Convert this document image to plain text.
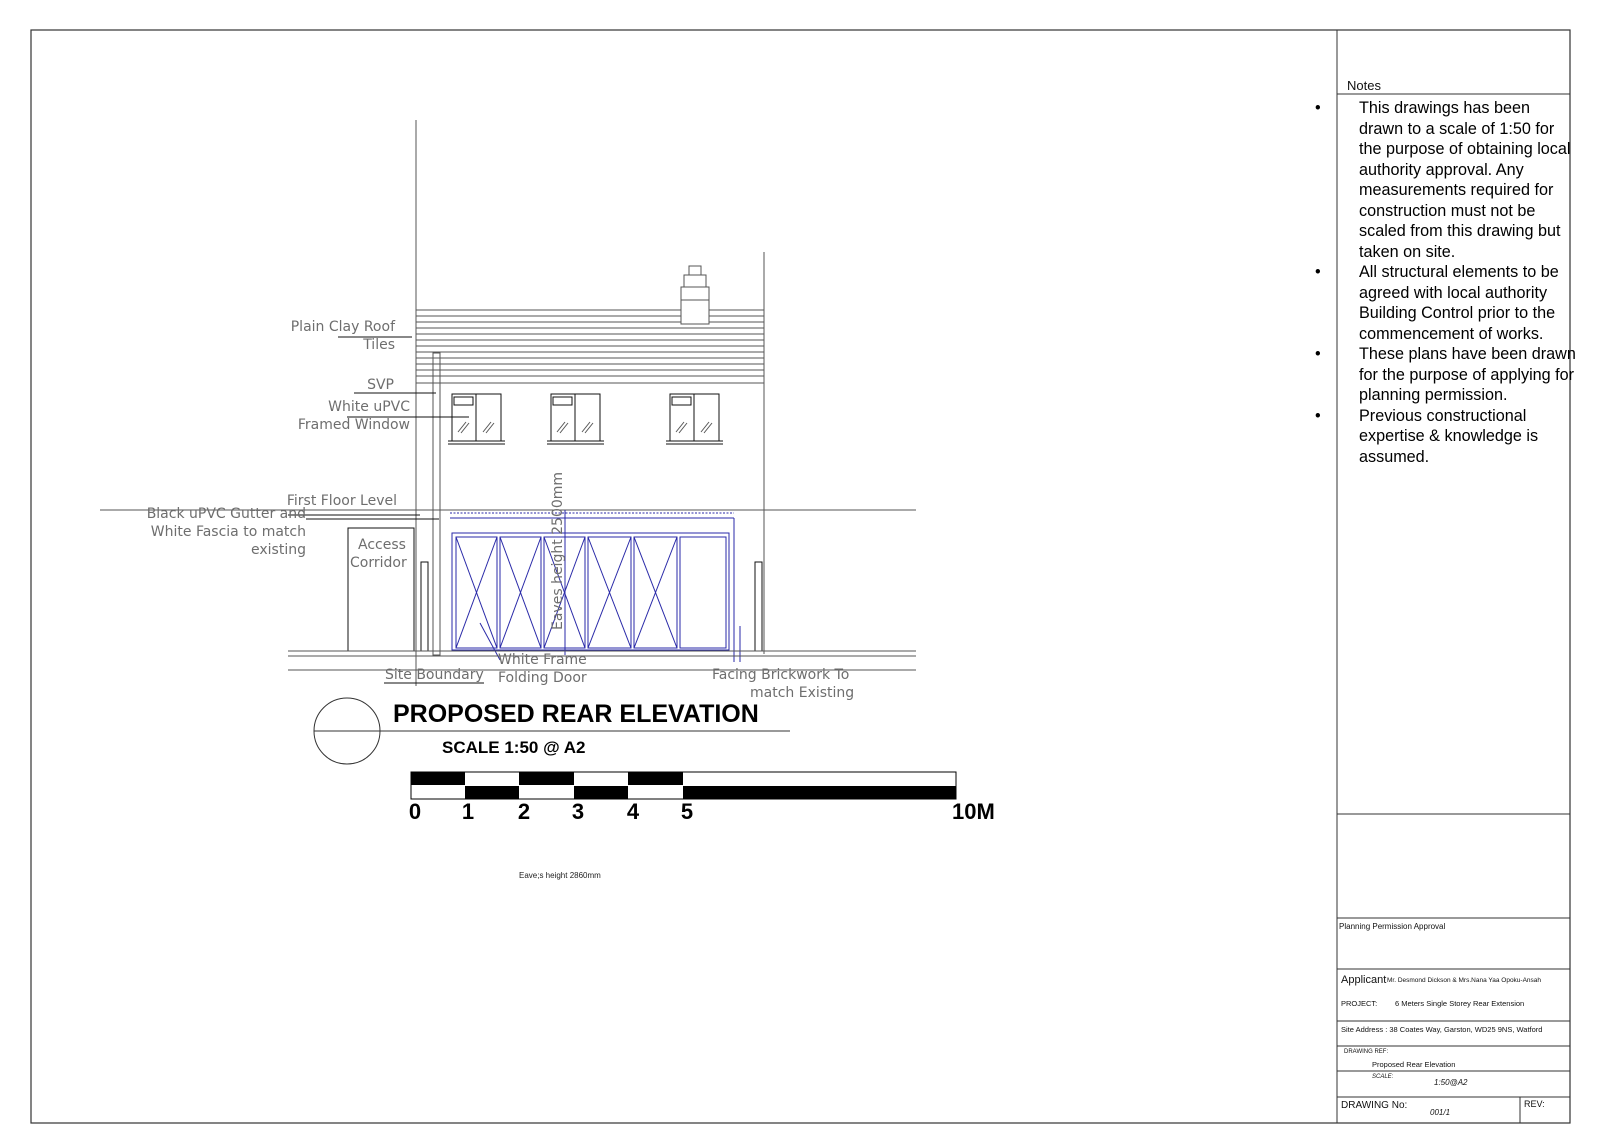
Eaves height 2500mm
Plain Clay Roof
Tiles
SVP
White uPVC
Framed Window
First Floor Level
Black uPVC Gutter and
White Fascia to match
existing	Access
Corridor
White Frame
Folding Door
Site Boundary	Facing Brickwork To
match Existing
PROPOSED REAR ELEVATION
SCALE 1:50 @ A2
0 1 2 3 4 5	10M
Eave;s height 2860mm
Notes
• This drawings has been drawn to a scale of 1:50 for the purpose of obtaining local authority approval. Any measurements required for construction must not be scaled from this drawing but taken on site.
• All structural elements to be agreed with local authority Building Control prior to the commencement of works.
• These plans have been drawn for the purpose of applying for planning permission.
• Previous constructional expertise & knowledge is assumed.
Planning Permission Approval
Applicant Mr. Desmond Dickson & Mrs.Nana Yaa Opoku-Ansah
PROJECT: 6 Meters Single Storey Rear Extension
Site Address : 38 Coates Way, Garston, WD25 9NS, Watford
DRAWING REF:
Proposed Rear Elevation
SCALE:
1:50@A2
DRAWING No:
001/1
REV:
